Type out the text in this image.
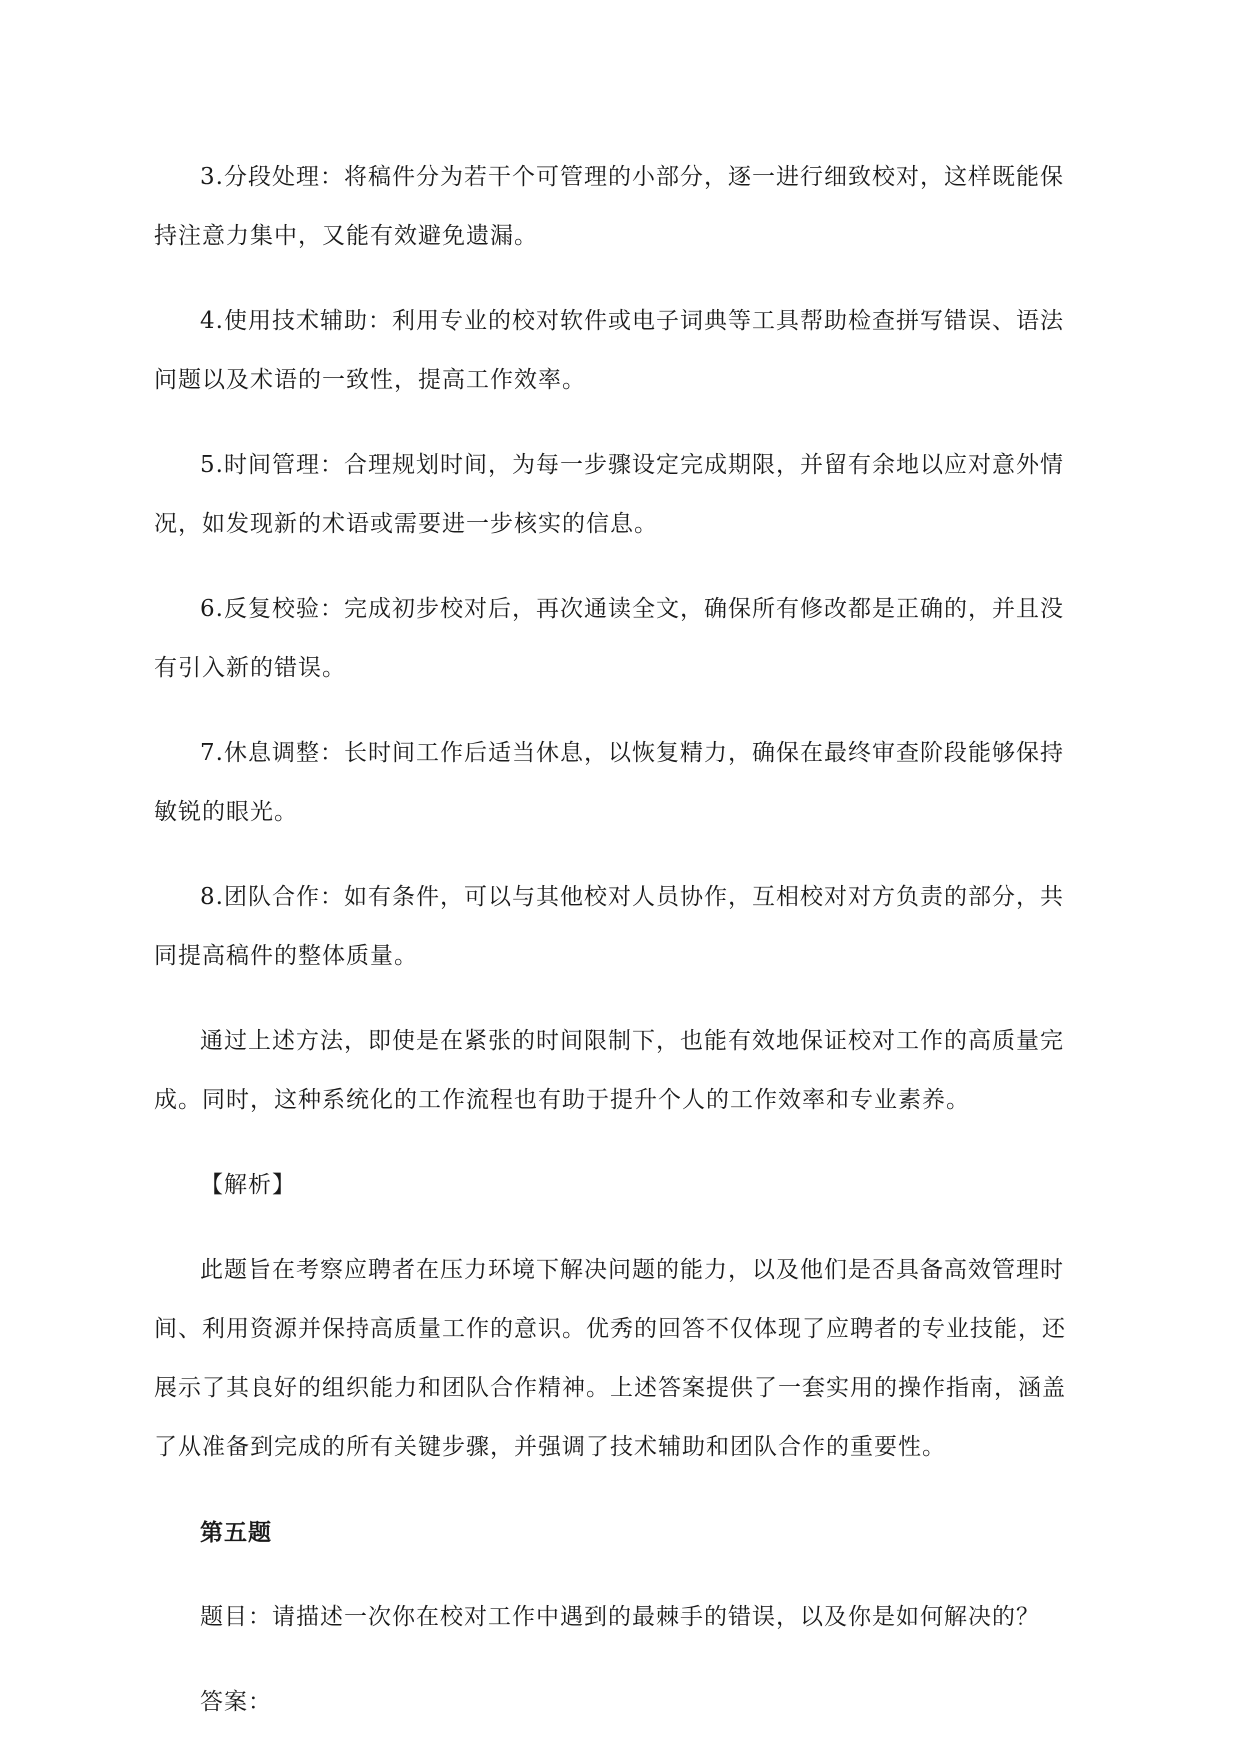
3.分段处理：将稿件分为若干个可管理的小部分，逐一进行细致校对，这样既能保
持注意力集中，又能有效避免遗漏。
4.使用技术辅助：利用专业的校对软件或电子词典等工具帮助检查拼写错误、语法
问题以及术语的一致性，提高工作效率。
5.时间管理：合理规划时间，为每一步骤设定完成期限，并留有余地以应对意外情
况，如发现新的术语或需要进一步核实的信息。
6.反复校验：完成初步校对后，再次通读全文，确保所有修改都是正确的，并且没
有引入新的错误。
7.休息调整：长时间工作后适当休息，以恢复精力，确保在最终审查阶段能够保持
敏锐的眼光。
8.团队合作：如有条件，可以与其他校对人员协作，互相校对对方负责的部分，共
同提高稿件的整体质量。
通过上述方法，即使是在紧张的时间限制下，也能有效地保证校对工作的高质量完
成。同时，这种系统化的工作流程也有助于提升个人的工作效率和专业素养。
【解析】
此题旨在考察应聘者在压力环境下解决问题的能力，以及他们是否具备高效管理时
间、利用资源并保持高质量工作的意识。优秀的回答不仅体现了应聘者的专业技能，还
展示了其良好的组织能力和团队合作精神。上述答案提供了一套实用的操作指南，涵盖
了从准备到完成的所有关键步骤，并强调了技术辅助和团队合作的重要性。
第五题
题目：请描述一次你在校对工作中遇到的最棘手的错误，以及你是如何解决的？
答案：
